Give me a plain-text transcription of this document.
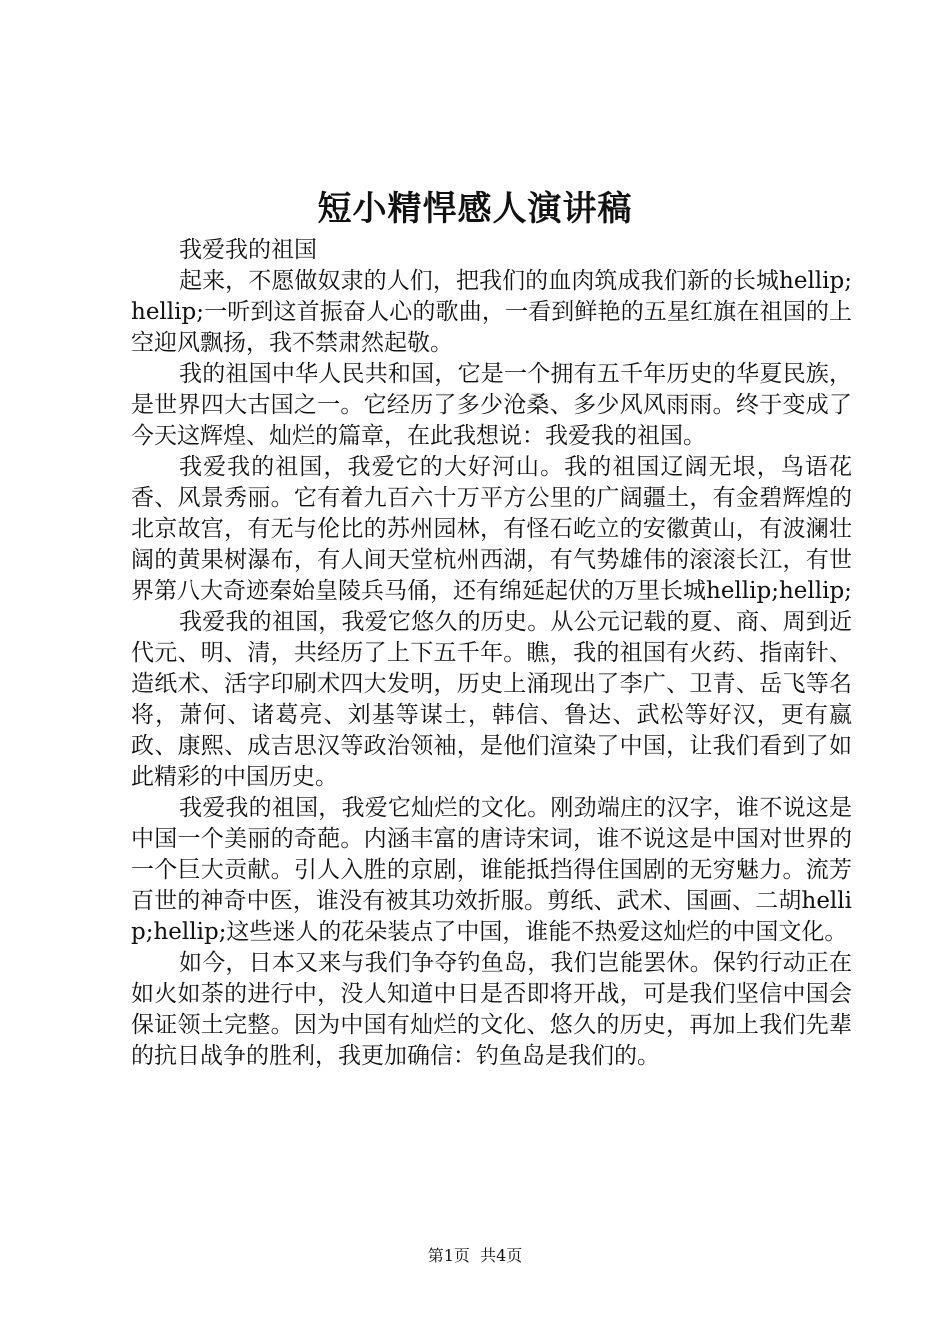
短小精悍感人演讲稿

我爱我的祖国

起来，不愿做奴隶的人们，把我们的血肉筑成我们新的长城hellip;hellip;一听到这首振奋人心的歌曲，一看到鲜艳的五星红旗在祖国的上空迎风飘扬，我不禁肃然起敬。

我的祖国中华人民共和国，它是一个拥有五千年历史的华夏民族，是世界四大古国之一。它经历了多少沧桑、多少风风雨雨。终于变成了今天这辉煌、灿烂的篇章，在此我想说：我爱我的祖国。

我爱我的祖国，我爱它的大好河山。我的祖国辽阔无垠，鸟语花香、风景秀丽。它有着九百六十万平方公里的广阔疆土，有金碧辉煌的北京故宫，有无与伦比的苏州园林，有怪石屹立的安徽黄山，有波澜壮阔的黄果树瀑布，有人间天堂杭州西湖，有气势雄伟的滚滚长江，有世界第八大奇迹秦始皇陵兵马俑，还有绵延起伏的万里长城hellip;hellip;

我爱我的祖国，我爱它悠久的历史。从公元记载的夏、商、周到近代元、明、清，共经历了上下五千年。瞧，我的祖国有火药、指南针、造纸术、活字印刷术四大发明，历史上涌现出了李广、卫青、岳飞等名将，萧何、诸葛亮、刘基等谋士，韩信、鲁达、武松等好汉，更有嬴政、康熙、成吉思汉等政治领袖，是他们渲染了中国，让我们看到了如此精彩的中国历史。

我爱我的祖国，我爱它灿烂的文化。刚劲端庄的汉字，谁不说这是中国一个美丽的奇葩。内涵丰富的唐诗宋词，谁不说这是中国对世界的一个巨大贡献。引人入胜的京剧，谁能抵挡得住国剧的无穷魅力。流芳百世的神奇中医，谁没有被其功效折服。剪纸、武术、国画、二胡hellip;hellip;这些迷人的花朵装点了中国，谁能不热爱这灿烂的中国文化。

如今，日本又来与我们争夺钓鱼岛，我们岂能罢休。保钓行动正在如火如荼的进行中，没人知道中日是否即将开战，可是我们坚信中国会保证领土完整。因为中国有灿烂的文化、悠久的历史，再加上我们先辈的抗日战争的胜利，我更加确信：钓鱼岛是我们的。

第1页  共4页
